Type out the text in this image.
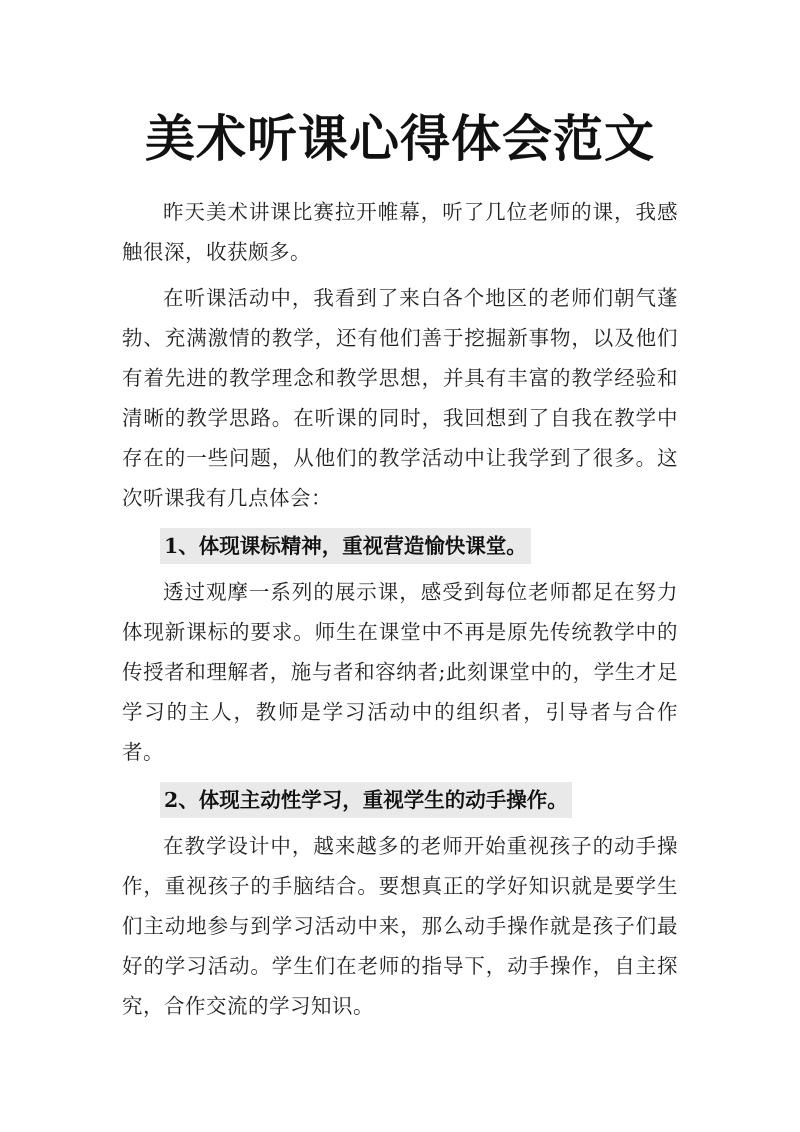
美术听课心得体会范文

昨天美术讲课比赛拉开帷幕，听了几位老师的课，我感触很深，收获颇多。

在听课活动中，我看到了来白各个地区的老师们朝气蓬勃、充满激情的教学，还有他们善于挖掘新事物，以及他们有着先进的教学理念和教学思想，并具有丰富的教学经验和清晰的教学思路。在听课的同时，我回想到了自我在教学中存在的一些问题，从他们的教学活动中让我学到了很多。这次听课我有几点体会：

1、体现课标精神，重视营造愉快课堂。

透过观摩一系列的展示课，感受到每位老师都足在努力体现新课标的要求。师生在课堂中不再是原先传统教学中的传授者和理解者，施与者和容纳者;此刻课堂中的，学生才足学习的主人，教师是学习活动中的组织者，引导者与合作者。

2、体现主动性学习，重视学生的动手操作。

在教学设计中，越来越多的老师开始重视孩子的动手操作，重视孩子的手脑结合。要想真正的学好知识就是要学生们主动地参与到学习活动中来，那么动手操作就是孩子们最好的学习活动。学生们在老师的指导下，动手操作，自主探究，合作交流的学习知识。
